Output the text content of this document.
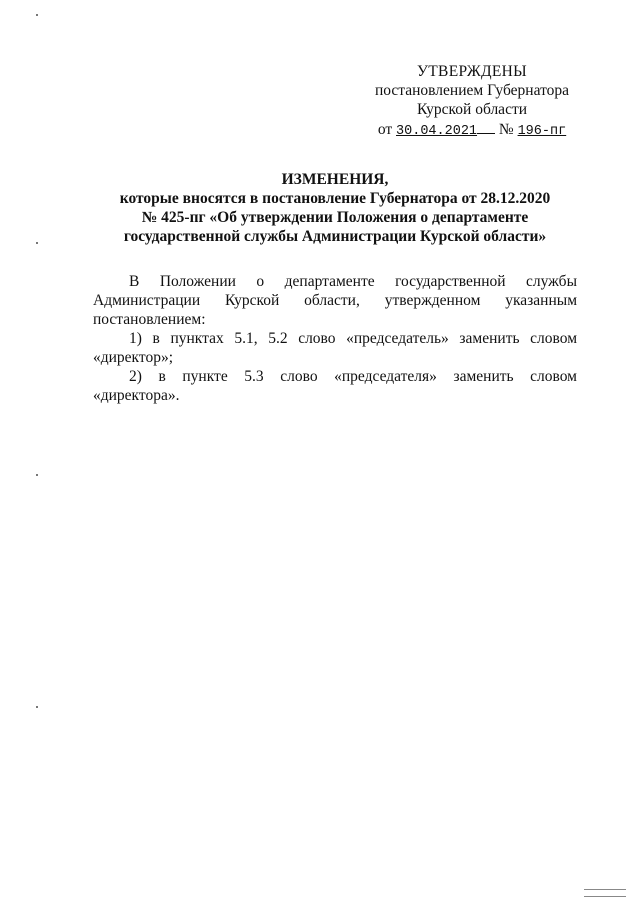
УТВЕРЖДЕНЫ
постановлением Губернатора
Курской области
от 30.04.2021 № 196-пг
ИЗМЕНЕНИЯ,
которые вносятся в постановление Губернатора от 28.12.2020
№ 425-пг «Об утверждении Положения о департаменте
государственной службы Администрации Курской области»

В Положении о департаменте государственной службы Администрации Курской области, утвержденном указанным постановлением:

1) в пунктах 5.1, 5.2 слово «председатель» заменить словом «директор»;

2) в пункте 5.3 слово «председателя» заменить словом «директора».
